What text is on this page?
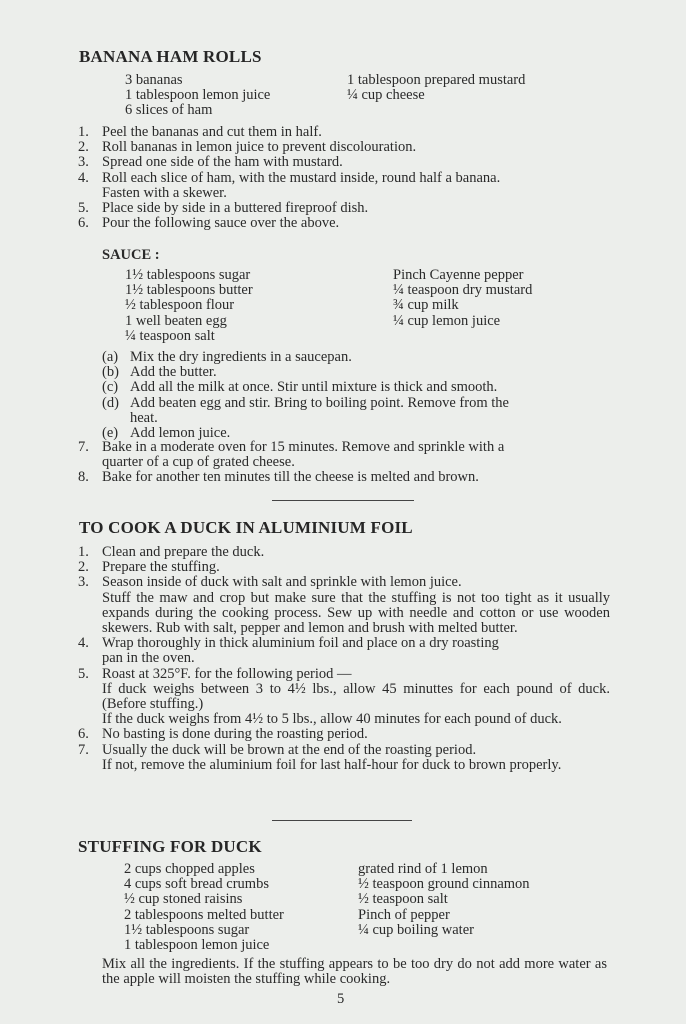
BANANA HAM ROLLS
3 bananas
1 tablespoon lemon juice
6 slices of ham
1 tablespoon prepared mustard
¼ cup cheese
1. Peel the bananas and cut them in half.
2. Roll bananas in lemon juice to prevent discolouration.
3. Spread one side of the ham with mustard.
4. Roll each slice of ham, with the mustard inside, round half a banana.
Fasten with a skewer.
5. Place side by side in a buttered fireproof dish.
6. Pour the following sauce over the above.
SAUCE :
1½ tablespoons sugar
1½ tablespoons butter
½ tablespoon flour
1 well beaten egg
¼ teaspoon salt
Pinch Cayenne pepper
¼ teaspoon dry mustard
¾ cup milk
¼ cup lemon juice
(a) Mix the dry ingredients in a saucepan.
(b) Add the butter.
(c) Add all the milk at once. Stir until mixture is thick and smooth.
(d) Add beaten egg and stir. Bring to boiling point. Remove from the
heat.
(e) Add lemon juice.
7. Bake in a moderate oven for 15 minutes. Remove and sprinkle with a
quarter of a cup of grated cheese.
8. Bake for another ten minutes till the cheese is melted and brown.
TO COOK A DUCK IN ALUMINIUM FOIL
1. Clean and prepare the duck.
2. Prepare the stuffing.
3. Season inside of duck with salt and sprinkle with lemon juice.
Stuff the maw and crop but make sure that the stuffing is not too tight as it usually expands during the cooking process. Sew up with needle and cotton or use wooden skewers. Rub with salt, pepper and lemon and brush with melted butter.
4. Wrap thoroughly in thick aluminium foil and place on a dry roasting
pan in the oven.
5. Roast at 325°F. for the following period —
If duck weighs between 3 to 4½ lbs., allow 45 minuttes for each pound of duck. (Before stuffing.)
If the duck weighs from 4½ to 5 lbs., allow 40 minutes for each pound of duck.
6. No basting is done during the roasting period.
7. Usually the duck will be brown at the end of the roasting period.
If not, remove the aluminium foil for last half-hour for duck to brown properly.
STUFFING FOR DUCK
2 cups chopped apples
4 cups soft bread crumbs
½ cup stoned raisins
2 tablespoons melted butter
1½ tablespoons sugar
1 tablespoon lemon juice
grated rind of 1 lemon
½ teaspoon ground cinnamon
½ teaspoon salt
Pinch of pepper
¼ cup boiling water
Mix all the ingredients. If the stuffing appears to be too dry do not add more water as the apple will moisten the stuffing while cooking.
5
